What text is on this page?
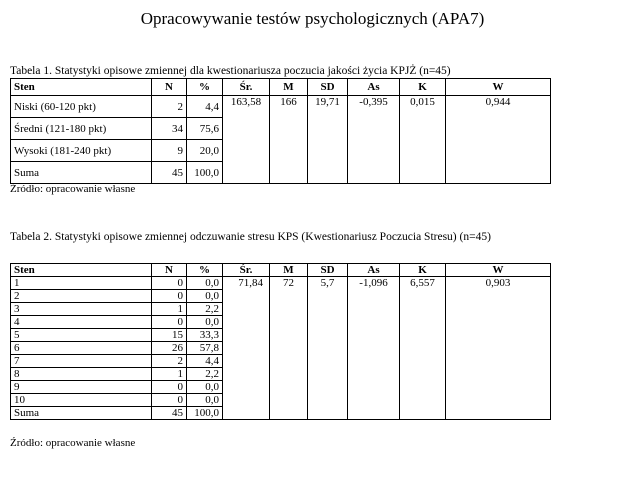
Opracowywanie testów psychologicznych (APA7)
Tabela 1. Statystyki opisowe zmiennej dla kwestionariusza poczucia jakości życia KPJŻ (n=45)
Sten	N	%	Śr.	M	SD	As	K	W
Niski (60-120 pkt)	2	4,4	163,58	166	19,71	-0,395	0,015	0,944
Średni (121-180 pkt)	34	75,6						
Wysoki (181-240 pkt)	9	20,0						
Suma	45	100,0						
Źródło: opracowanie własne
Tabela 2. Statystyki opisowe zmiennej odczuwanie stresu KPS (Kwestionariusz Poczucia Stresu) (n=45)
Sten	N	%	Śr.	M	SD	As	K	W
1	0	0,0	71,84	72	5,7	-1,096	6,557	0,903
2	0	0,0						
3	1	2,2						
4	0	0,0						
5	15	33,3						
6	26	57,8						
7	2	4,4						
8	1	2,2						
9	0	0,0						
10	0	0,0						
Suma	45	100,0						
Źródło: opracowanie własne
